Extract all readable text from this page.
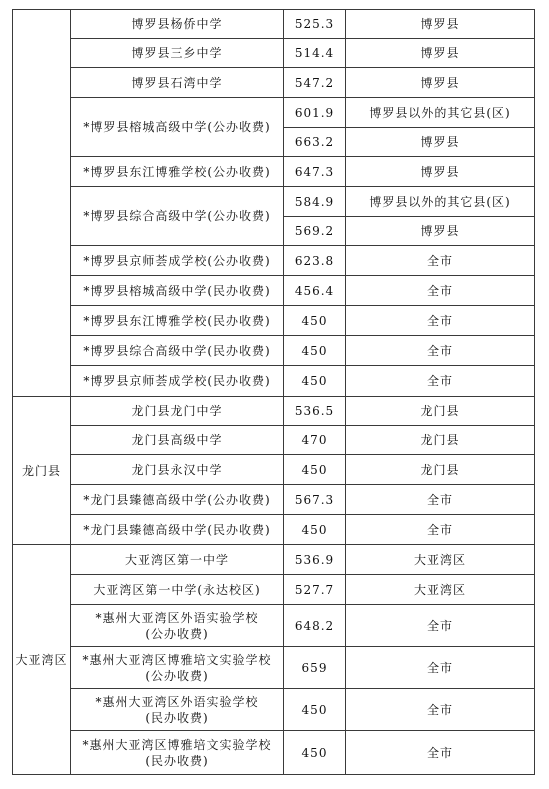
	博罗县杨侨中学	525.3	博罗县
	博罗县三乡中学	514.4	博罗县
	博罗县石湾中学	547.2	博罗县
	*博罗县榕城高级中学(公办收费)	601.9	博罗县以外的其它县(区)
		663.2	博罗县
	*博罗县东江博雅学校(公办收费)	647.3	博罗县
	*博罗县综合高级中学(公办收费)	584.9	博罗县以外的其它县(区)
		569.2	博罗县
	*博罗县京师荟成学校(公办收费)	623.8	全市
	*博罗县榕城高级中学(民办收费)	456.4	全市
	*博罗县东江博雅学校(民办收费)	450	全市
	*博罗县综合高级中学(民办收费)	450	全市
	*博罗县京师荟成学校(民办收费)	450	全市
龙门县	龙门县龙门中学	536.5	龙门县
	龙门县高级中学	470	龙门县
	龙门县永汉中学	450	龙门县
	*龙门县臻德高级中学(公办收费)	567.3	全市
	*龙门县臻德高级中学(民办收费)	450	全市
大亚湾区	大亚湾区第一中学	536.9	大亚湾区
	大亚湾区第一中学(永达校区)	527.7	大亚湾区

	*惠州大亚湾区外语实验学校
(公办收费)	648.2	全市

	*惠州大亚湾区博雅培文实验学校
(公办收费)	659	全市

	*惠州大亚湾区外语实验学校
(民办收费)	450	全市

	*惠州大亚湾区博雅培文实验学校
(民办收费)	450	全市
